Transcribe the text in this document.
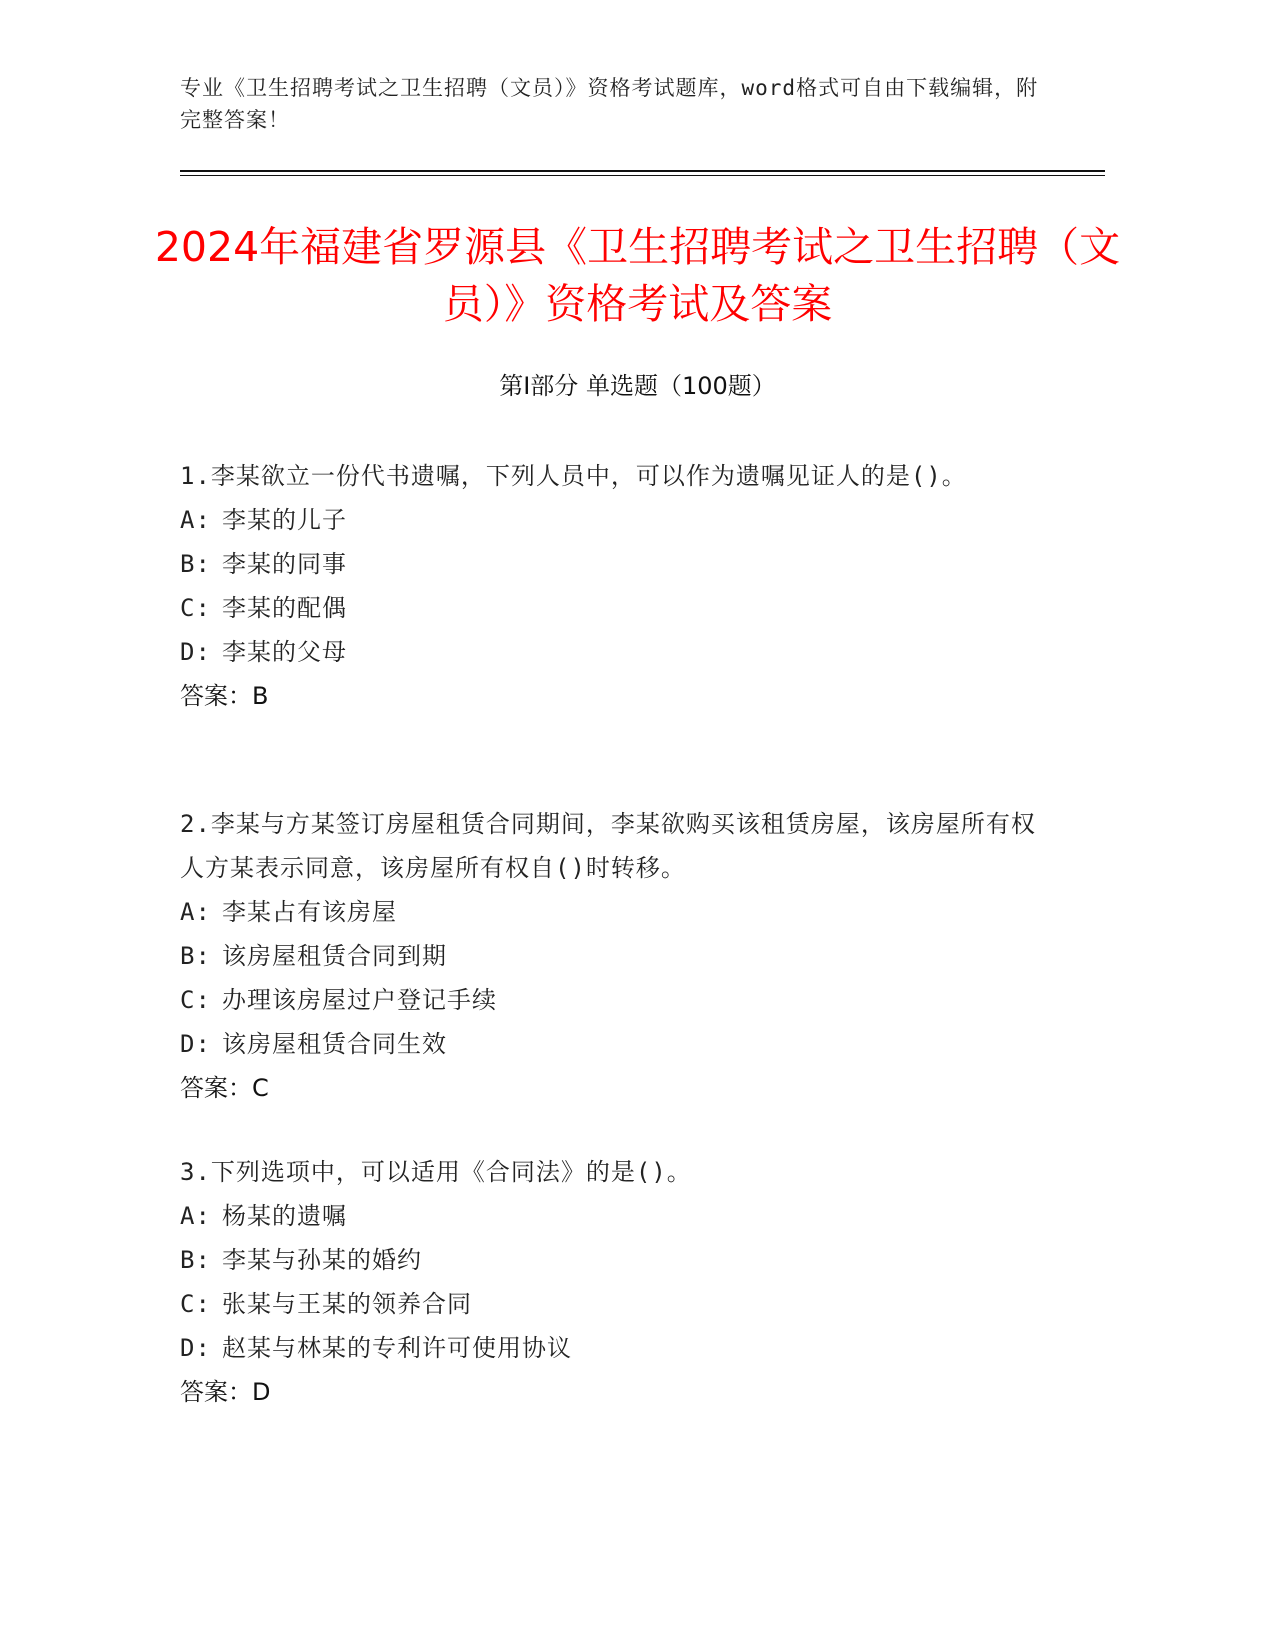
专业《卫生招聘考试之卫生招聘（文员）》资格考试题库，word格式可自由下载编辑，附完整答案！
2024年福建省罗源县《卫生招聘考试之卫生招聘（文员）》资格考试及答案
第Ⅰ部分 单选题（100题）

1.李某欲立一份代书遗嘱，下列人员中，可以作为遗嘱见证人的是()。

A: 李某的儿子

B: 李某的同事

C: 李某的配偶

D: 李某的父母

答案：B

2.李某与方某签订房屋租赁合同期间，李某欲购买该租赁房屋，该房屋所有权人方某表示同意，该房屋所有权自()时转移。

A: 李某占有该房屋

B: 该房屋租赁合同到期

C: 办理该房屋过户登记手续

D: 该房屋租赁合同生效

答案：C

3.下列选项中，可以适用《合同法》的是()。

A: 杨某的遗嘱

B: 李某与孙某的婚约

C: 张某与王某的领养合同

D: 赵某与林某的专利许可使用协议

答案：D
